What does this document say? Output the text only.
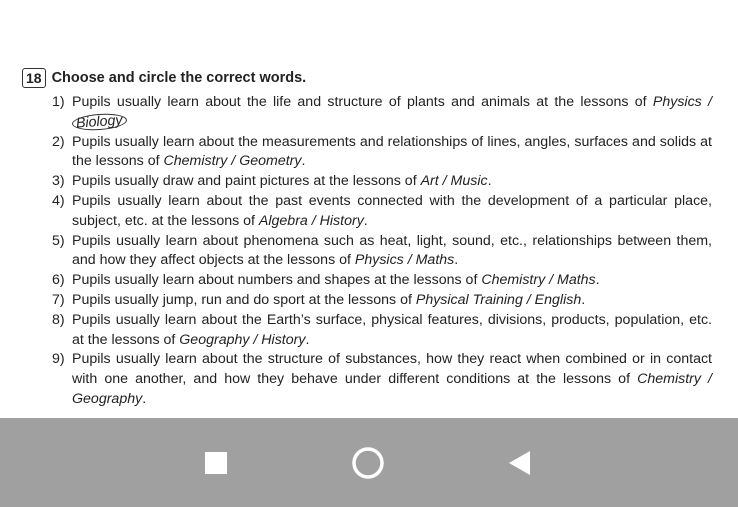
18 Choose and circle the correct words.
1) Pupils usually learn about the life and structure of plants and animals at the lessons of Physics / Biology
2) Pupils usually learn about the measurements and relationships of lines, angles, surfaces and solids at the lessons of Chemistry / Geometry.
3) Pupils usually draw and paint pictures at the lessons of Art / Music.
4) Pupils usually learn about the past events connected with the development of a particular place, subject, etc. at the lessons of Algebra / History.
5) Pupils usually learn about phenomena such as heat, light, sound, etc., relationships between them, and how they affect objects at the lessons of Physics / Maths.
6) Pupils usually learn about numbers and shapes at the lessons of Chemistry / Maths.
7) Pupils usually jump, run and do sport at the lessons of Physical Training / English.
8) Pupils usually learn about the Earth’s surface, physical features, divisions, products, population, etc. at the lessons of Geography / History.
9) Pupils usually learn about the structure of substances, how they react when combined or in contact with one another, and how they behave under different conditions at the lessons of Chemistry / Geography.
